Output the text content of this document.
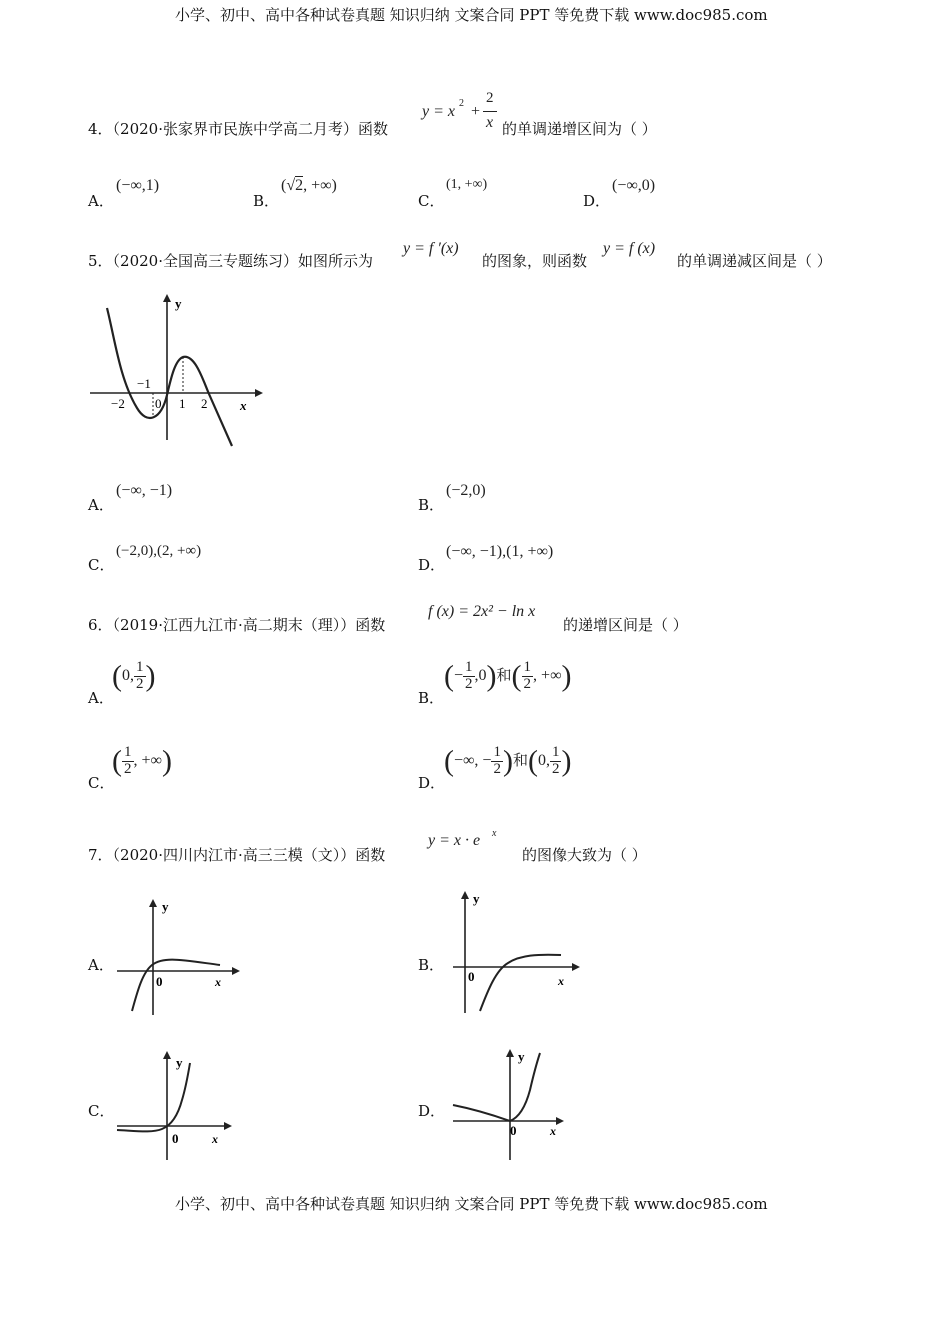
小学、初中、高中各种试卷真题 知识归纳 文案合同 PPT 等免费下载 www.doc985.com
4．（2020·张家界市民族中学高二月考）函数
y = x 2 +
2
x 的单调递增区间为（ ）
A．
(−∞,1)
B．
(√2, +∞)
C．
(1, +∞)
D．
(−∞,0)
5．（2020·全国高三专题练习）如图所示为
y = f ′(x)
的图象，则函数
y = f (x)
的单调递减区间是（ ）
y
x
−2
−1
0 1 2
A．
(−∞, −1)
B．
(−2,0)
C．
(−2,0),(2, +∞)
D．
(−∞, −1),(1, +∞)
6．（2019·江西九江市·高二期末（理））函数
f (x) = 2x² − ln x
的递增区间是（ ）
A．
(0, $\frac{1}{2}$ )
B．
(− $\frac{1}{2} ,0$)和( $\frac{1}{2}$ , +∞)
C．
( $\frac{1}{2}$ , +∞)
D．
(−∞, − $\frac{1}{2}$ )和(0, $\frac{1}{2}$ )
7．（2020·四川内江市·高三三模（文））函数
y = x · e x
的图像大致为（ ）
A．
y
x
0
B．
y
x
0
C．
y
x
0
D．
y
x
0
小学、初中、高中各种试卷真题 知识归纳 文案合同 PPT 等免费下载 www.doc985.com
